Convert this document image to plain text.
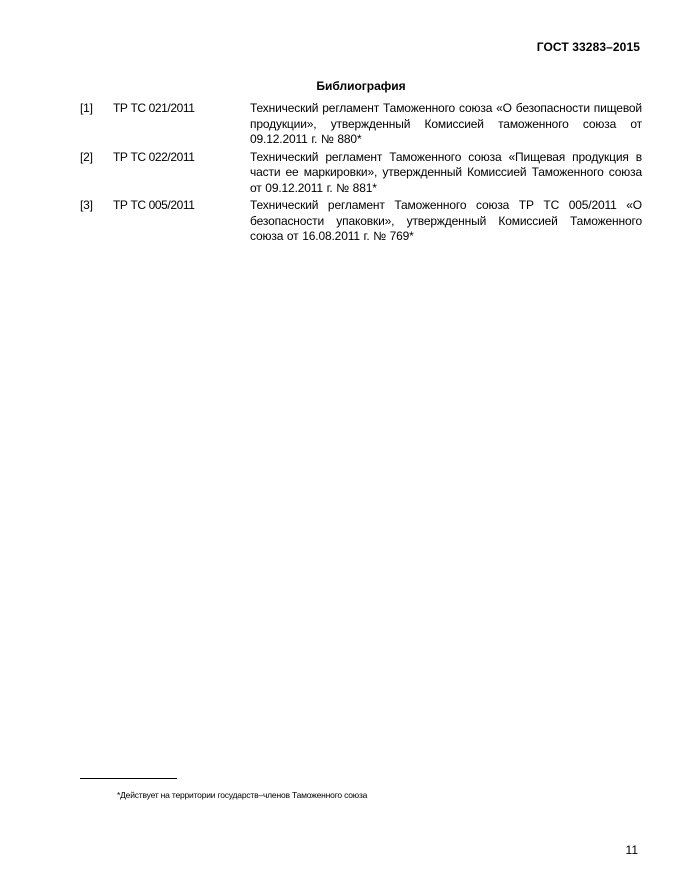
ГОСТ 33283–2015
Библиография
[1] ТР ТС 021/2011	Технический регламент Таможенного союза «О безопасности пищевой продукции», утвержденный Комиссией таможенного союза от 09.12.2011 г. № 880*
[2] ТР ТС 022/2011	Технический регламент Таможенного союза «Пищевая продукция в части ее маркировки», утвержденный Комиссией Таможенного союза от 09.12.2011 г. № 881*
[3] ТР ТС 005/2011	Технический регламент Таможенного союза ТР ТС 005/2011 «О безопасности упаковки», утвержденный Комиссией Таможенного союза от 16.08.2011 г. № 769*
*Действует на территории государств–членов Таможенного союза
11
